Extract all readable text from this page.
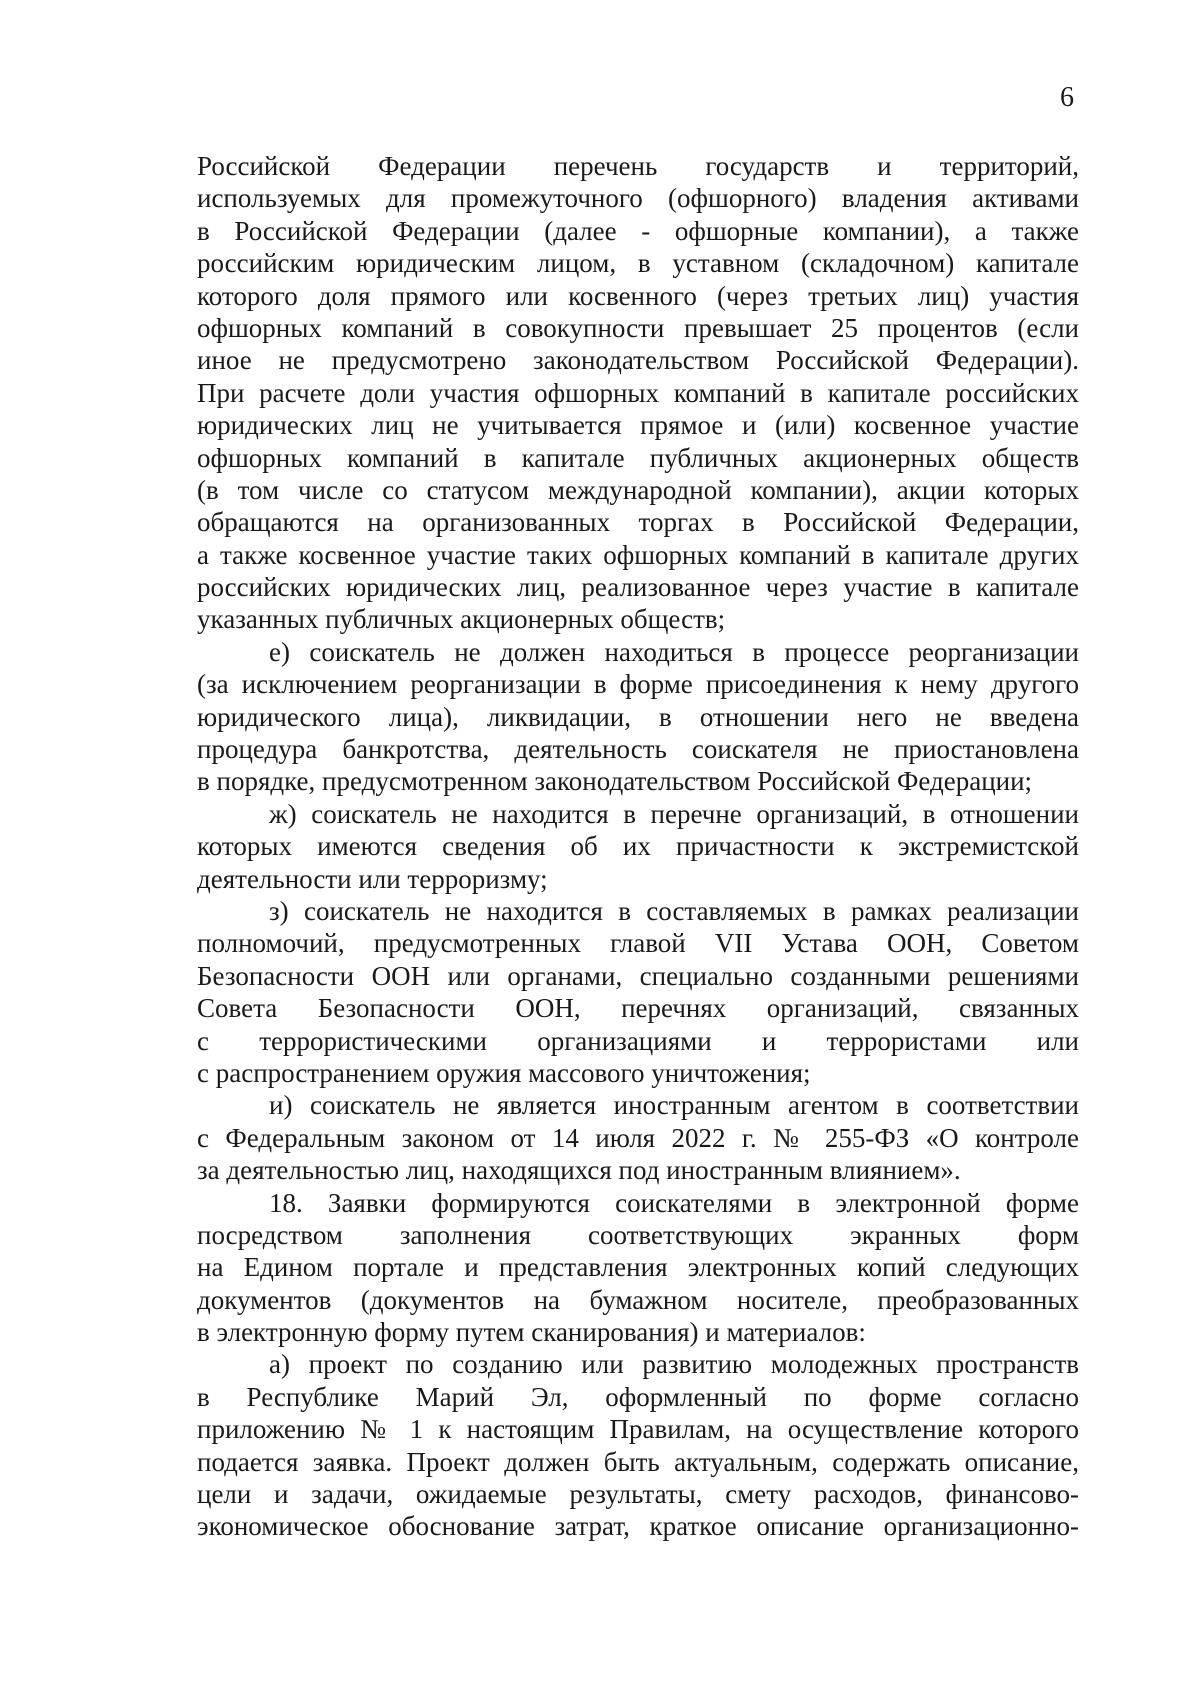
6
Российской Федерации перечень государств и территорий,
используемых для промежуточного (офшорного) владения активами
в Российской Федерации (далее - офшорные компании), а также
российским юридическим лицом, в уставном (складочном) капитале
которого доля прямого или косвенного (через третьих лиц) участия
офшорных компаний в совокупности превышает 25 процентов (если
иное не предусмотрено законодательством Российской Федерации).
При расчете доли участия офшорных компаний в капитале российских
юридических лиц не учитывается прямое и (или) косвенное участие
офшорных компаний в капитале публичных акционерных обществ
(в том числе со статусом международной компании), акции которых
обращаются на организованных торгах в Российской Федерации,
а также косвенное участие таких офшорных компаний в капитале других
российских юридических лиц, реализованное через участие в капитале
указанных публичных акционерных обществ;
е) соискатель не должен находиться в процессе реорганизации
(за исключением реорганизации в форме присоединения к нему другого
юридического лица), ликвидации, в отношении него не введена
процедура банкротства, деятельность соискателя не приостановлена
в порядке, предусмотренном законодательством Российской Федерации;
ж) соискатель не находится в перечне организаций, в отношении
которых имеются сведения об их причастности к экстремистской
деятельности или терроризму;
з) соискатель не находится в составляемых в рамках реализации
полномочий, предусмотренных главой VII Устава ООН, Советом
Безопасности ООН или органами, специально созданными решениями
Совета Безопасности ООН, перечнях организаций, связанных
с террористическими организациями и террористами или
с распространением оружия массового уничтожения;
и) соискатель не является иностранным агентом в соответствии
с Федеральным законом от 14 июля 2022 г. № 255-ФЗ «О контроле
за деятельностью лиц, находящихся под иностранным влиянием».
18. Заявки формируются соискателями в электронной форме
посредством заполнения соответствующих экранных форм
на Едином портале и представления электронных копий следующих
документов (документов на бумажном носителе, преобразованных
в электронную форму путем сканирования) и материалов:
а) проект по созданию или развитию молодежных пространств
в Республике Марий Эл, оформленный по форме согласно
приложению № 1 к настоящим Правилам, на осуществление которого
подается заявка. Проект должен быть актуальным, содержать описание,
цели и задачи, ожидаемые результаты, смету расходов, финансово-
экономическое обоснование затрат, краткое описание организационно-
